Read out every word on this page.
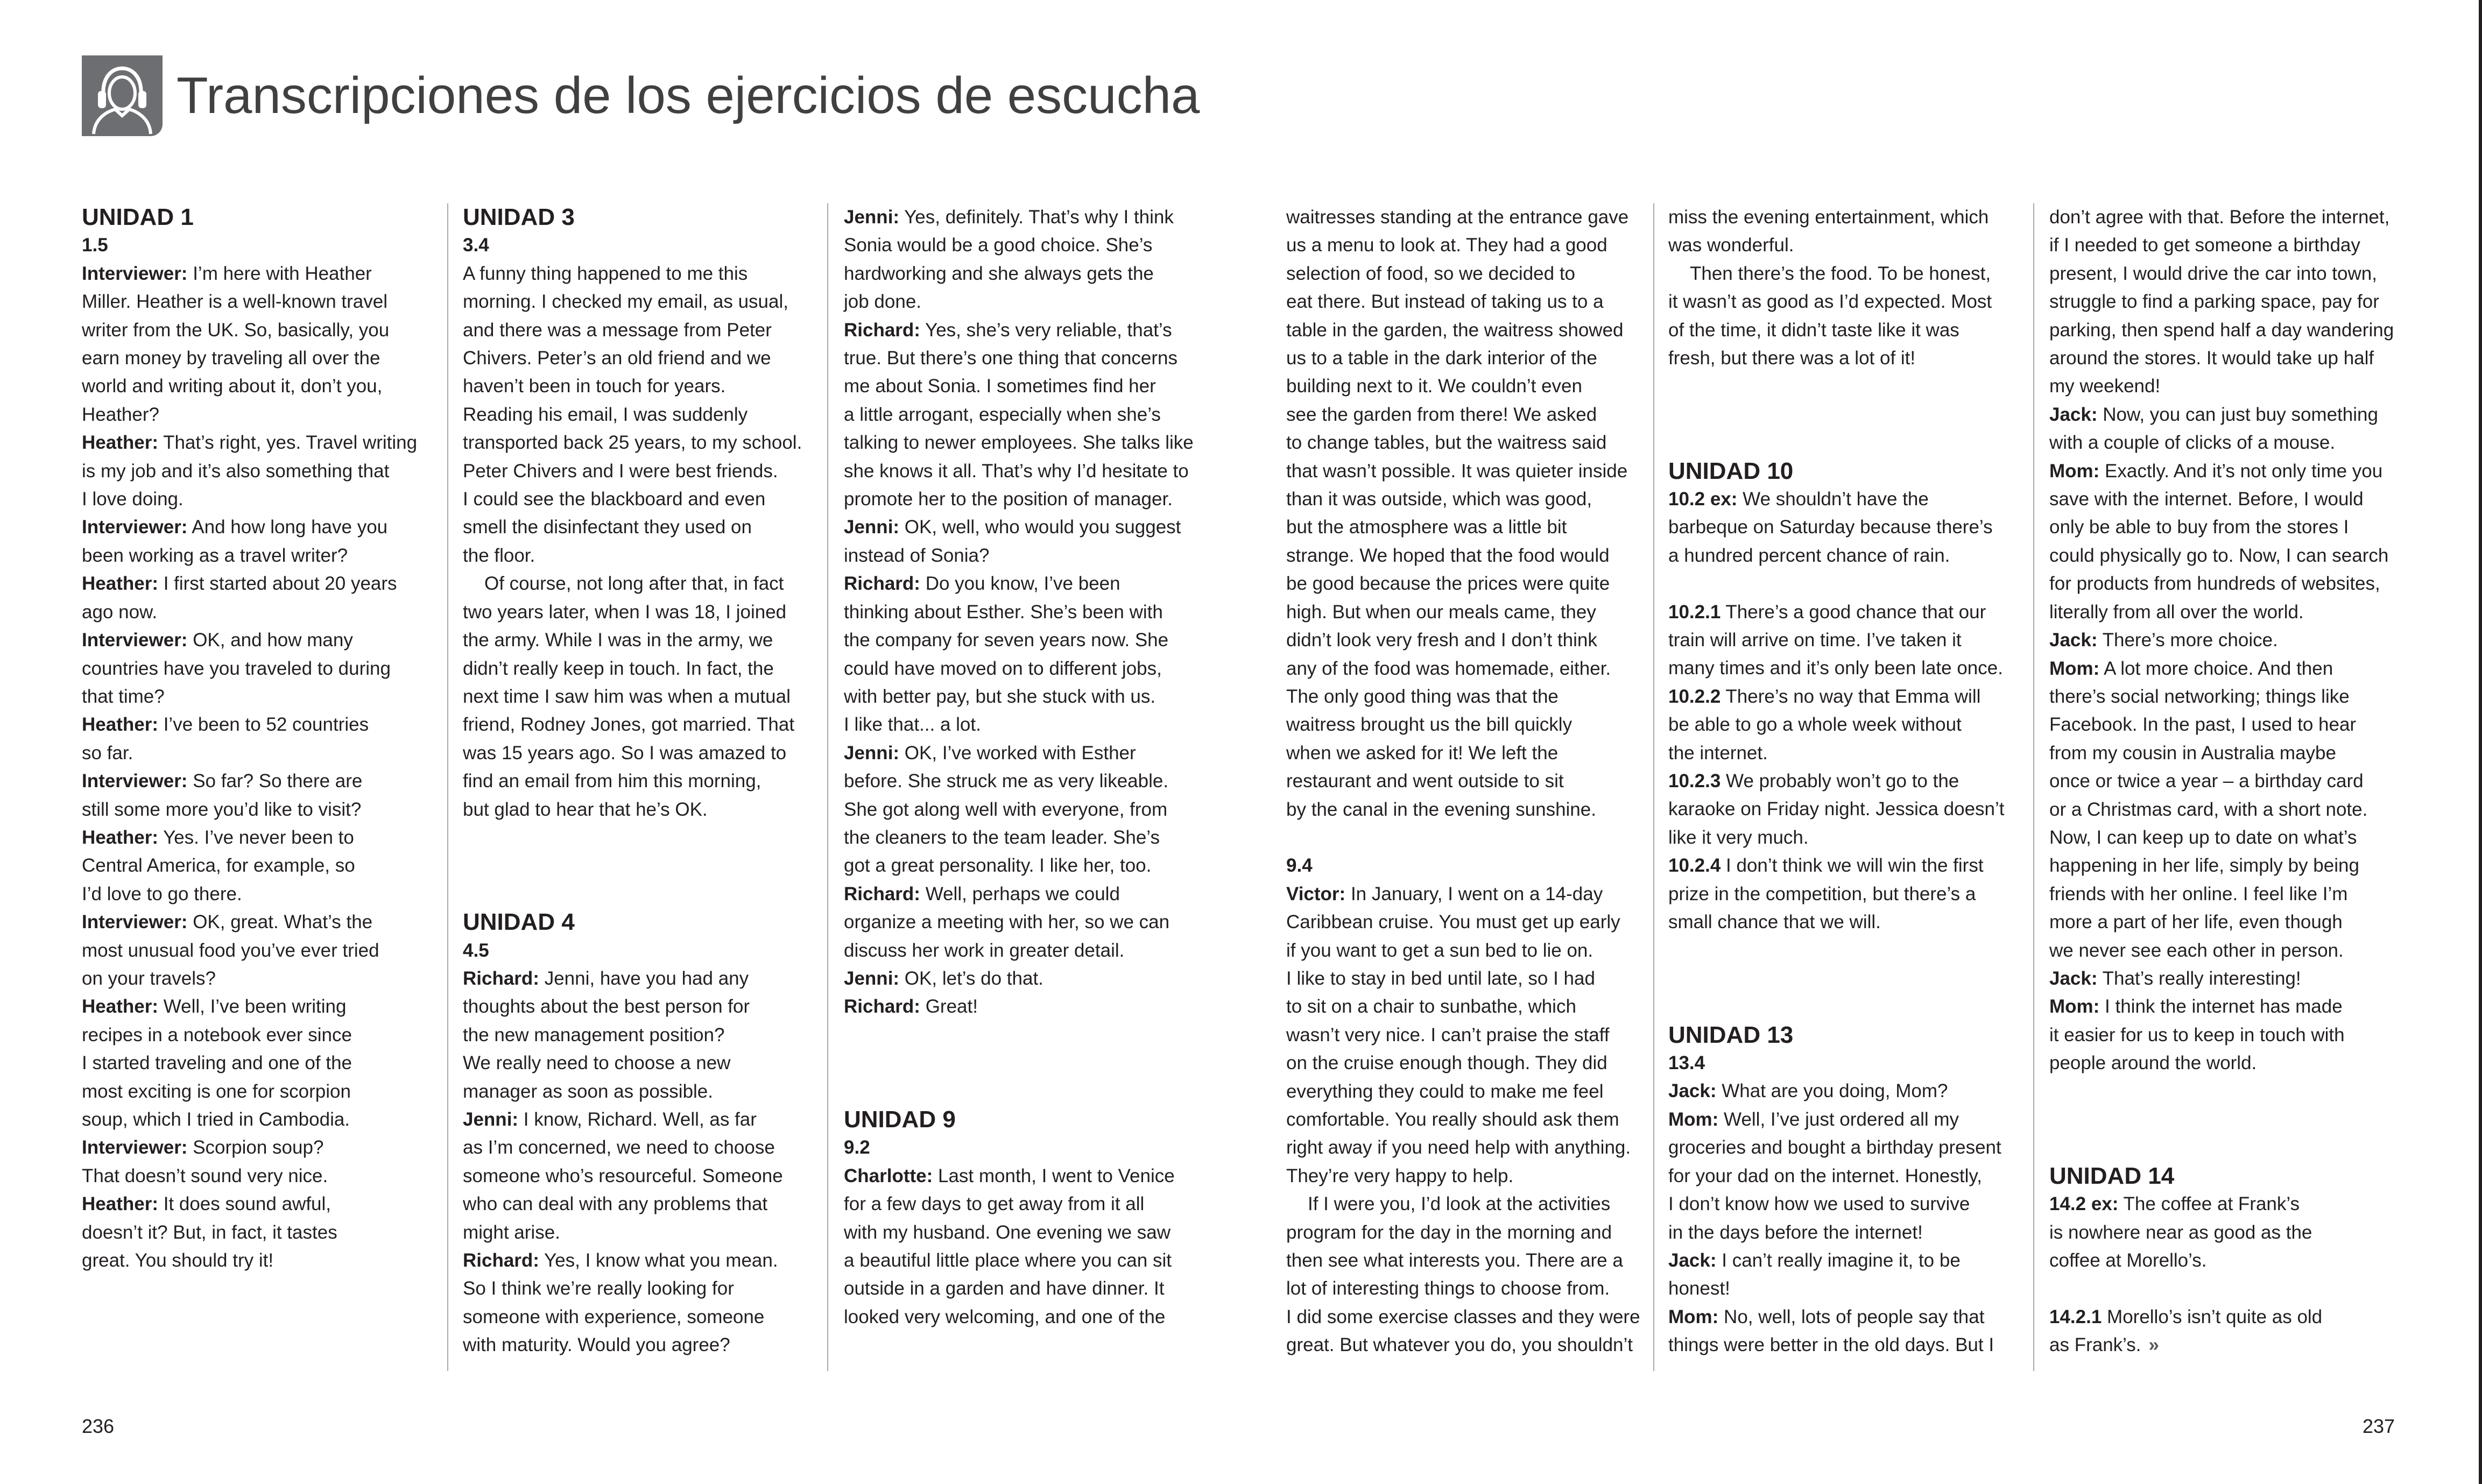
Transcripciones de los ejercicios de escucha
UNIDAD 1
1.5
Interviewer: I’m here with Heather
Miller. Heather is a well-known travel
writer from the UK. So, basically, you
earn money by traveling all over the
world and writing about it, don’t you,
Heather?
Heather: That’s right, yes. Travel writing
is my job and it’s also something that
I love doing.
Interviewer: And how long have you
been working as a travel writer?
Heather: I first started about 20 years
ago now.
Interviewer: OK, and how many
countries have you traveled to during
that time?
Heather: I’ve been to 52 countries
so far.
Interviewer: So far? So there are
still some more you’d like to visit?
Heather: Yes. I’ve never been to
Central America, for example, so
I’d love to go there.
Interviewer: OK, great. What’s the
most unusual food you’ve ever tried
on your travels?
Heather: Well, I’ve been writing
recipes in a notebook ever since
I started traveling and one of the
most exciting is one for scorpion
soup, which I tried in Cambodia.
Interviewer: Scorpion soup?
That doesn’t sound very nice.
Heather: It does sound awful,
doesn’t it? But, in fact, it tastes
great. You should try it!
UNIDAD 3
3.4
A funny thing happened to me this
morning. I checked my email, as usual,
and there was a message from Peter
Chivers. Peter’s an old friend and we
haven’t been in touch for years.
Reading his email, I was suddenly
transported back 25 years, to my school.
Peter Chivers and I were best friends.
I could see the blackboard and even
smell the disinfectant they used on
the floor.
Of course, not long after that, in fact
two years later, when I was 18, I joined
the army. While I was in the army, we
didn’t really keep in touch. In fact, the
next time I saw him was when a mutual
friend, Rodney Jones, got married. That
was 15 years ago. So I was amazed to
find an email from him this morning,
but glad to hear that he’s OK.
UNIDAD 4
4.5
Richard: Jenni, have you had any
thoughts about the best person for
the new management position?
We really need to choose a new
manager as soon as possible.
Jenni: I know, Richard. Well, as far
as I’m concerned, we need to choose
someone who’s resourceful. Someone
who can deal with any problems that
might arise.
Richard: Yes, I know what you mean.
So I think we’re really looking for
someone with experience, someone
with maturity. Would you agree?
Jenni: Yes, definitely. That’s why I think
Sonia would be a good choice. She’s
hardworking and she always gets the
job done.
Richard: Yes, she’s very reliable, that’s
true. But there’s one thing that concerns
me about Sonia. I sometimes find her
a little arrogant, especially when she’s
talking to newer employees. She talks like
she knows it all. That’s why I’d hesitate to
promote her to the position of manager.
Jenni: OK, well, who would you suggest
instead of Sonia?
Richard: Do you know, I’ve been
thinking about Esther. She’s been with
the company for seven years now. She
could have moved on to different jobs,
with better pay, but she stuck with us.
I like that... a lot.
Jenni: OK, I’ve worked with Esther
before. She struck me as very likeable.
She got along well with everyone, from
the cleaners to the team leader. She’s
got a great personality. I like her, too.
Richard: Well, perhaps we could
organize a meeting with her, so we can
discuss her work in greater detail.
Jenni: OK, let’s do that.
Richard: Great!
UNIDAD 9
9.2
Charlotte: Last month, I went to Venice
for a few days to get away from it all
with my husband. One evening we saw
a beautiful little place where you can sit
outside in a garden and have dinner. It
looked very welcoming, and one of the
waitresses standing at the entrance gave
us a menu to look at. They had a good
selection of food, so we decided to
eat there. But instead of taking us to a
table in the garden, the waitress showed
us to a table in the dark interior of the
building next to it. We couldn’t even
see the garden from there! We asked
to change tables, but the waitress said
that wasn’t possible. It was quieter inside
than it was outside, which was good,
but the atmosphere was a little bit
strange. We hoped that the food would
be good because the prices were quite
high. But when our meals came, they
didn’t look very fresh and I don’t think
any of the food was homemade, either.
The only good thing was that the
waitress brought us the bill quickly
when we asked for it! We left the
restaurant and went outside to sit
by the canal in the evening sunshine.
9.4
Victor: In January, I went on a 14-day
Caribbean cruise. You must get up early
if you want to get a sun bed to lie on.
I like to stay in bed until late, so I had
to sit on a chair to sunbathe, which
wasn’t very nice. I can’t praise the staff
on the cruise enough though. They did
everything they could to make me feel
comfortable. You really should ask them
right away if you need help with anything.
They’re very happy to help.
If I were you, I’d look at the activities
program for the day in the morning and
then see what interests you. There are a
lot of interesting things to choose from.
I did some exercise classes and they were
great. But whatever you do, you shouldn’t
miss the evening entertainment, which
was wonderful.
Then there’s the food. To be honest,
it wasn’t as good as I’d expected. Most
of the time, it didn’t taste like it was
fresh, but there was a lot of it!
UNIDAD 10
10.2 ex: We shouldn’t have the
barbeque on Saturday because there’s
a hundred percent chance of rain.
10.2.1 There’s a good chance that our
train will arrive on time. I’ve taken it
many times and it’s only been late once.
10.2.2 There’s no way that Emma will
be able to go a whole week without
the internet.
10.2.3 We probably won’t go to the
karaoke on Friday night. Jessica doesn’t
like it very much.
10.2.4 I don’t think we will win the first
prize in the competition, but there’s a
small chance that we will.
UNIDAD 13
13.4
Jack: What are you doing, Mom?
Mom: Well, I’ve just ordered all my
groceries and bought a birthday present
for your dad on the internet. Honestly,
I don’t know how we used to survive
in the days before the internet!
Jack: I can’t really imagine it, to be
honest!
Mom: No, well, lots of people say that
things were better in the old days. But I
don’t agree with that. Before the internet,
if I needed to get someone a birthday
present, I would drive the car into town,
struggle to find a parking space, pay for
parking, then spend half a day wandering
around the stores. It would take up half
my weekend!
Jack: Now, you can just buy something
with a couple of clicks of a mouse.
Mom: Exactly. And it’s not only time you
save with the internet. Before, I would
only be able to buy from the stores I
could physically go to. Now, I can search
for products from hundreds of websites,
literally from all over the world.
Jack: There’s more choice.
Mom: A lot more choice. And then
there’s social networking; things like
Facebook. In the past, I used to hear
from my cousin in Australia maybe
once or twice a year – a birthday card
or a Christmas card, with a short note.
Now, I can keep up to date on what’s
happening in her life, simply by being
friends with her online. I feel like I’m
more a part of her life, even though
we never see each other in person.
Jack: That’s really interesting!
Mom: I think the internet has made
it easier for us to keep in touch with
people around the world.
UNIDAD 14
14.2 ex: The coffee at Frank’s
is nowhere near as good as the
coffee at Morello’s.
14.2.1 Morello’s isn’t quite as old
as Frank’s. »
236	237
